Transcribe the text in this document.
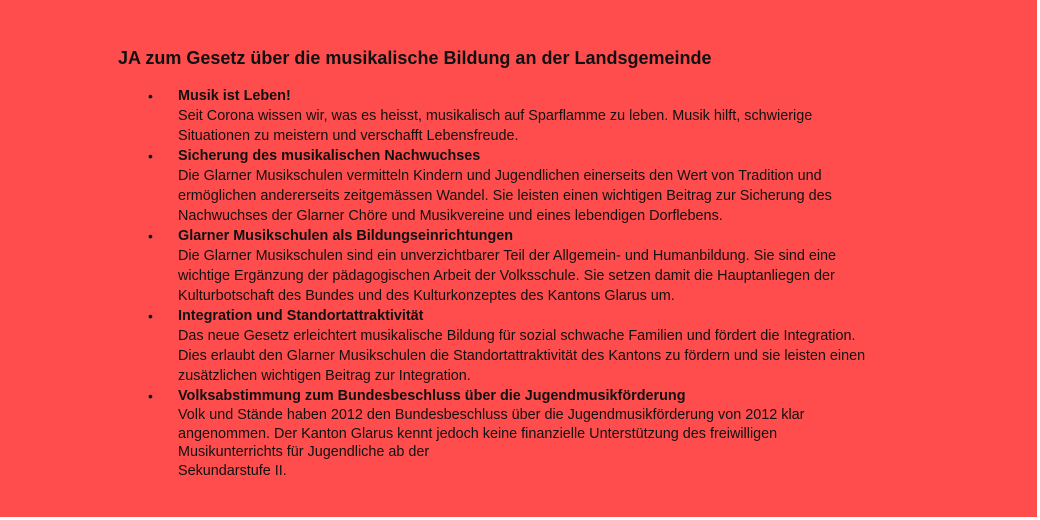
JA zum Gesetz über die musikalische Bildung an der Landsgemeinde
• Musik ist Leben!
Seit Corona wissen wir, was es heisst, musikalisch auf Sparflamme zu leben. Musik hilft, schwierige
Situationen zu meistern und verschafft Lebensfreude.
• Sicherung des musikalischen Nachwuchses
Die Glarner Musikschulen vermitteln Kindern und Jugendlichen einerseits den Wert von Tradition und
ermöglichen andererseits zeitgemässen Wandel. Sie leisten einen wichtigen Beitrag zur Sicherung des
Nachwuchses der Glarner Chöre und Musikvereine und eines lebendigen Dorflebens.
• Glarner Musikschulen als Bildungseinrichtungen
Die Glarner Musikschulen sind ein unverzichtbarer Teil der Allgemein- und Humanbildung. Sie sind eine
wichtige Ergänzung der pädagogischen Arbeit der Volksschule. Sie setzen damit die Hauptanliegen der
Kulturbotschaft des Bundes und des Kulturkonzeptes des Kantons Glarus um.
• Integration und Standortattraktivität
Das neue Gesetz erleichtert musikalische Bildung für sozial schwache Familien und fördert die Integration.
Dies erlaubt den Glarner Musikschulen die Standortattraktivität des Kantons zu fördern und sie leisten einen
zusätzlichen wichtigen Beitrag zur Integration.
• Volksabstimmung zum Bundesbeschluss über die Jugendmusikförderung
Volk und Stände haben 2012 den Bundesbeschluss über die Jugendmusikförderung von 2012 klar
angenommen. Der Kanton Glarus kennt jedoch keine finanzielle Unterstützung des freiwilligen
Musikunterrichts für Jugendliche ab der
Sekundarstufe II.
